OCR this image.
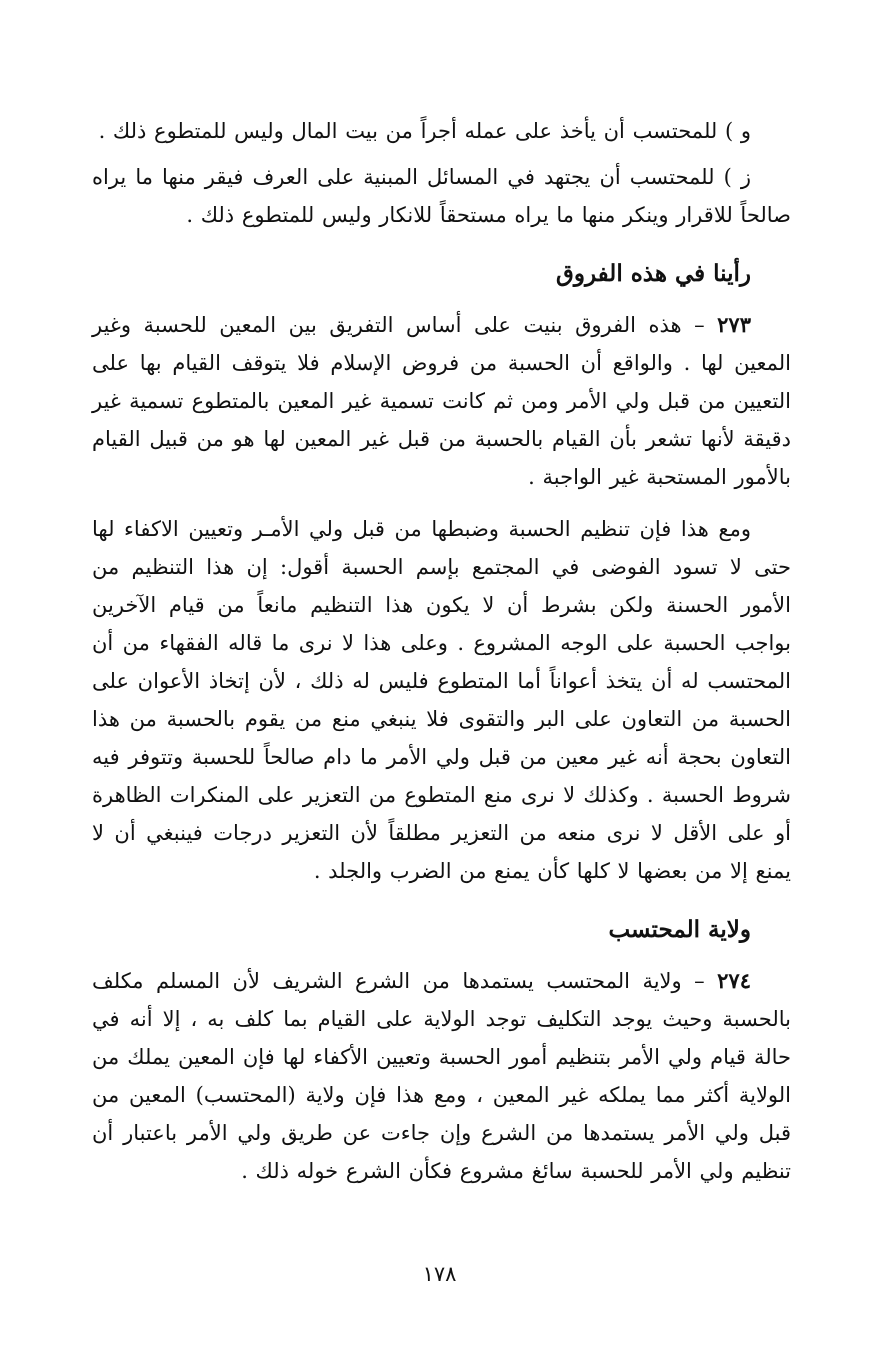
و ) للمحتسب أن يأخذ على عمله أجراً من بيت المال وليس للمتطوع ذلك .

ز ) للمحتسب أن يجتهد في المسائل المبنية على العرف فيقر منها ما يراه صالحاً للاقرار وينكر منها ما يراه مستحقاً للانكار وليس للمتطوع ذلك .

رأينا في هذه الفروق

٢٧٣ – هذه الفروق بنيت على أساس التفريق بين المعين للحسبة وغير المعين لها . والواقع أن الحسبة من فروض الإسلام فلا يتوقف القيام بها على التعيين من قبل ولي الأمر ومن ثم كانت تسمية غير المعين بالمتطوع تسمية غير دقيقة لأنها تشعر بأن القيام بالحسبة من قبل غير المعين لها هو من قبيل القيام بالأمور المستحبة غير الواجبة .

ومع هذا فإن تنظيم الحسبة وضبطها من قبل ولي الأمـر وتعيين الاكفاء لها حتى لا تسود الفوضى في المجتمع بإسم الحسبة أقول: إن هذا التنظيم من الأمور الحسنة ولكن بشرط أن لا يكون هذا التنظيم مانعاً من قيام الآخرين بواجب الحسبة على الوجه المشروع . وعلى هذا لا نرى ما قاله الفقهاء من أن المحتسب له أن يتخذ أعواناً أما المتطوع فليس له ذلك ، لأن إتخاذ الأعوان على الحسبة من التعاون على البر والتقوى فلا ينبغي منع من يقوم بالحسبة من هذا التعاون بحجة أنه غير معين من قبل ولي الأمر ما دام صالحاً للحسبة وتتوفر فيه شروط الحسبة . وكذلك لا نرى منع المتطوع من التعزير على المنكرات الظاهرة أو على الأقل لا نرى منعه من التعزير مطلقاً لأن التعزير درجات فينبغي أن لا يمنع إلا من بعضها لا كلها كأن يمنع من الضرب والجلد .

ولاية المحتسب

٢٧٤ – ولاية المحتسب يستمدها من الشرع الشريف لأن المسلم مكلف بالحسبة وحيث يوجد التكليف توجد الولاية على القيام بما كلف به ، إلا أنه في حالة قيام ولي الأمر بتنظيم أمور الحسبة وتعيين الأكفاء لها فإن المعين يملك من الولاية أكثر مما يملكه غير المعين ، ومع هذا فإن ولاية (المحتسب) المعين من قبل ولي الأمر يستمدها من الشرع وإن جاءت عن طريق ولي الأمر باعتبار أن تنظيم ولي الأمر للحسبة سائغ مشروع فكأن الشرع خوله ذلك .

١٧٨
